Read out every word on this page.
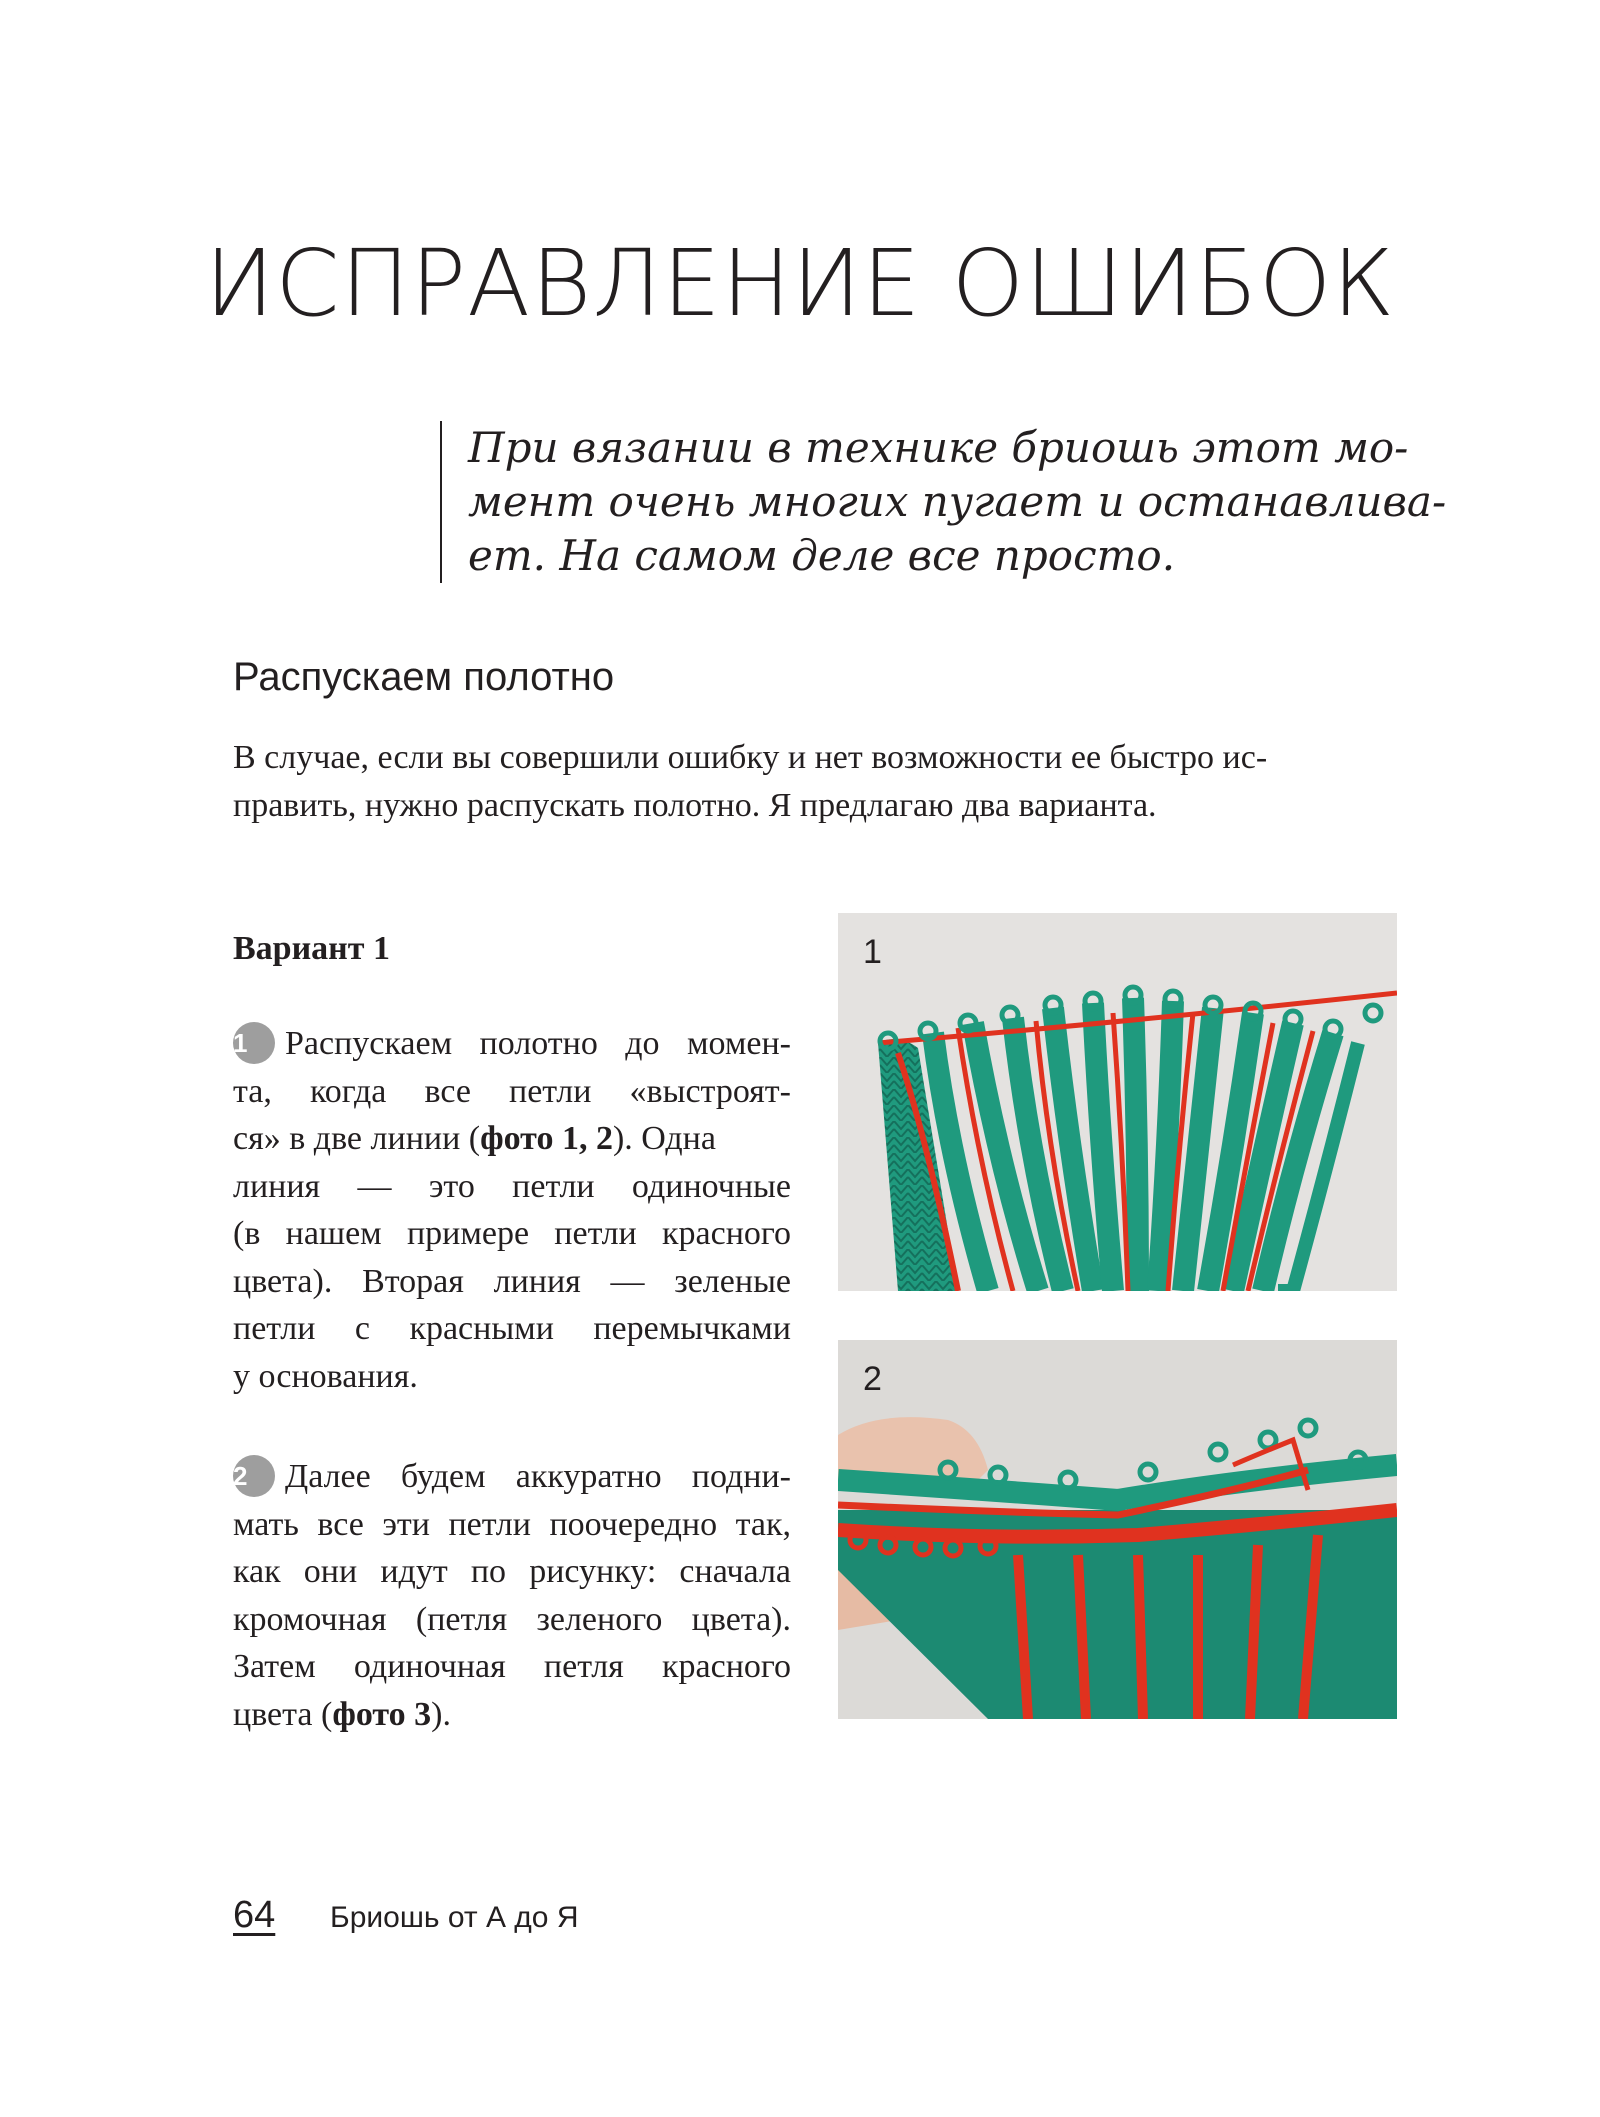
ИСПРАВЛЕНИЕ ОШИБОК
При вязании в технике бриошь этот мо-
мент очень многих пугает и останавлива-
ет. На самом деле все просто.
Распускаем полотно
В случае, если вы совершили ошибку и нет возможности ее быстро ис-
править, нужно распускать полотно. Я предлагаю два варианта.
Вариант 1
1 Распускаем полотно до момен-
та, когда все петли «выстроят-
ся» в две линии (фото 1, 2). Одна
линия — это петли одиночные
(в нашем примере петли красного
цвета). Вторая линия — зеленые
петли с красными перемычками
у основания.
2 Далее будем аккуратно подни-
мать все эти петли поочередно так,
как они идут по рисунку: сначала
кромочная (петля зеленого цвета).
Затем одиночная петля красного
цвета (фото 3).
1
2
64 Бриошь от А до Я
